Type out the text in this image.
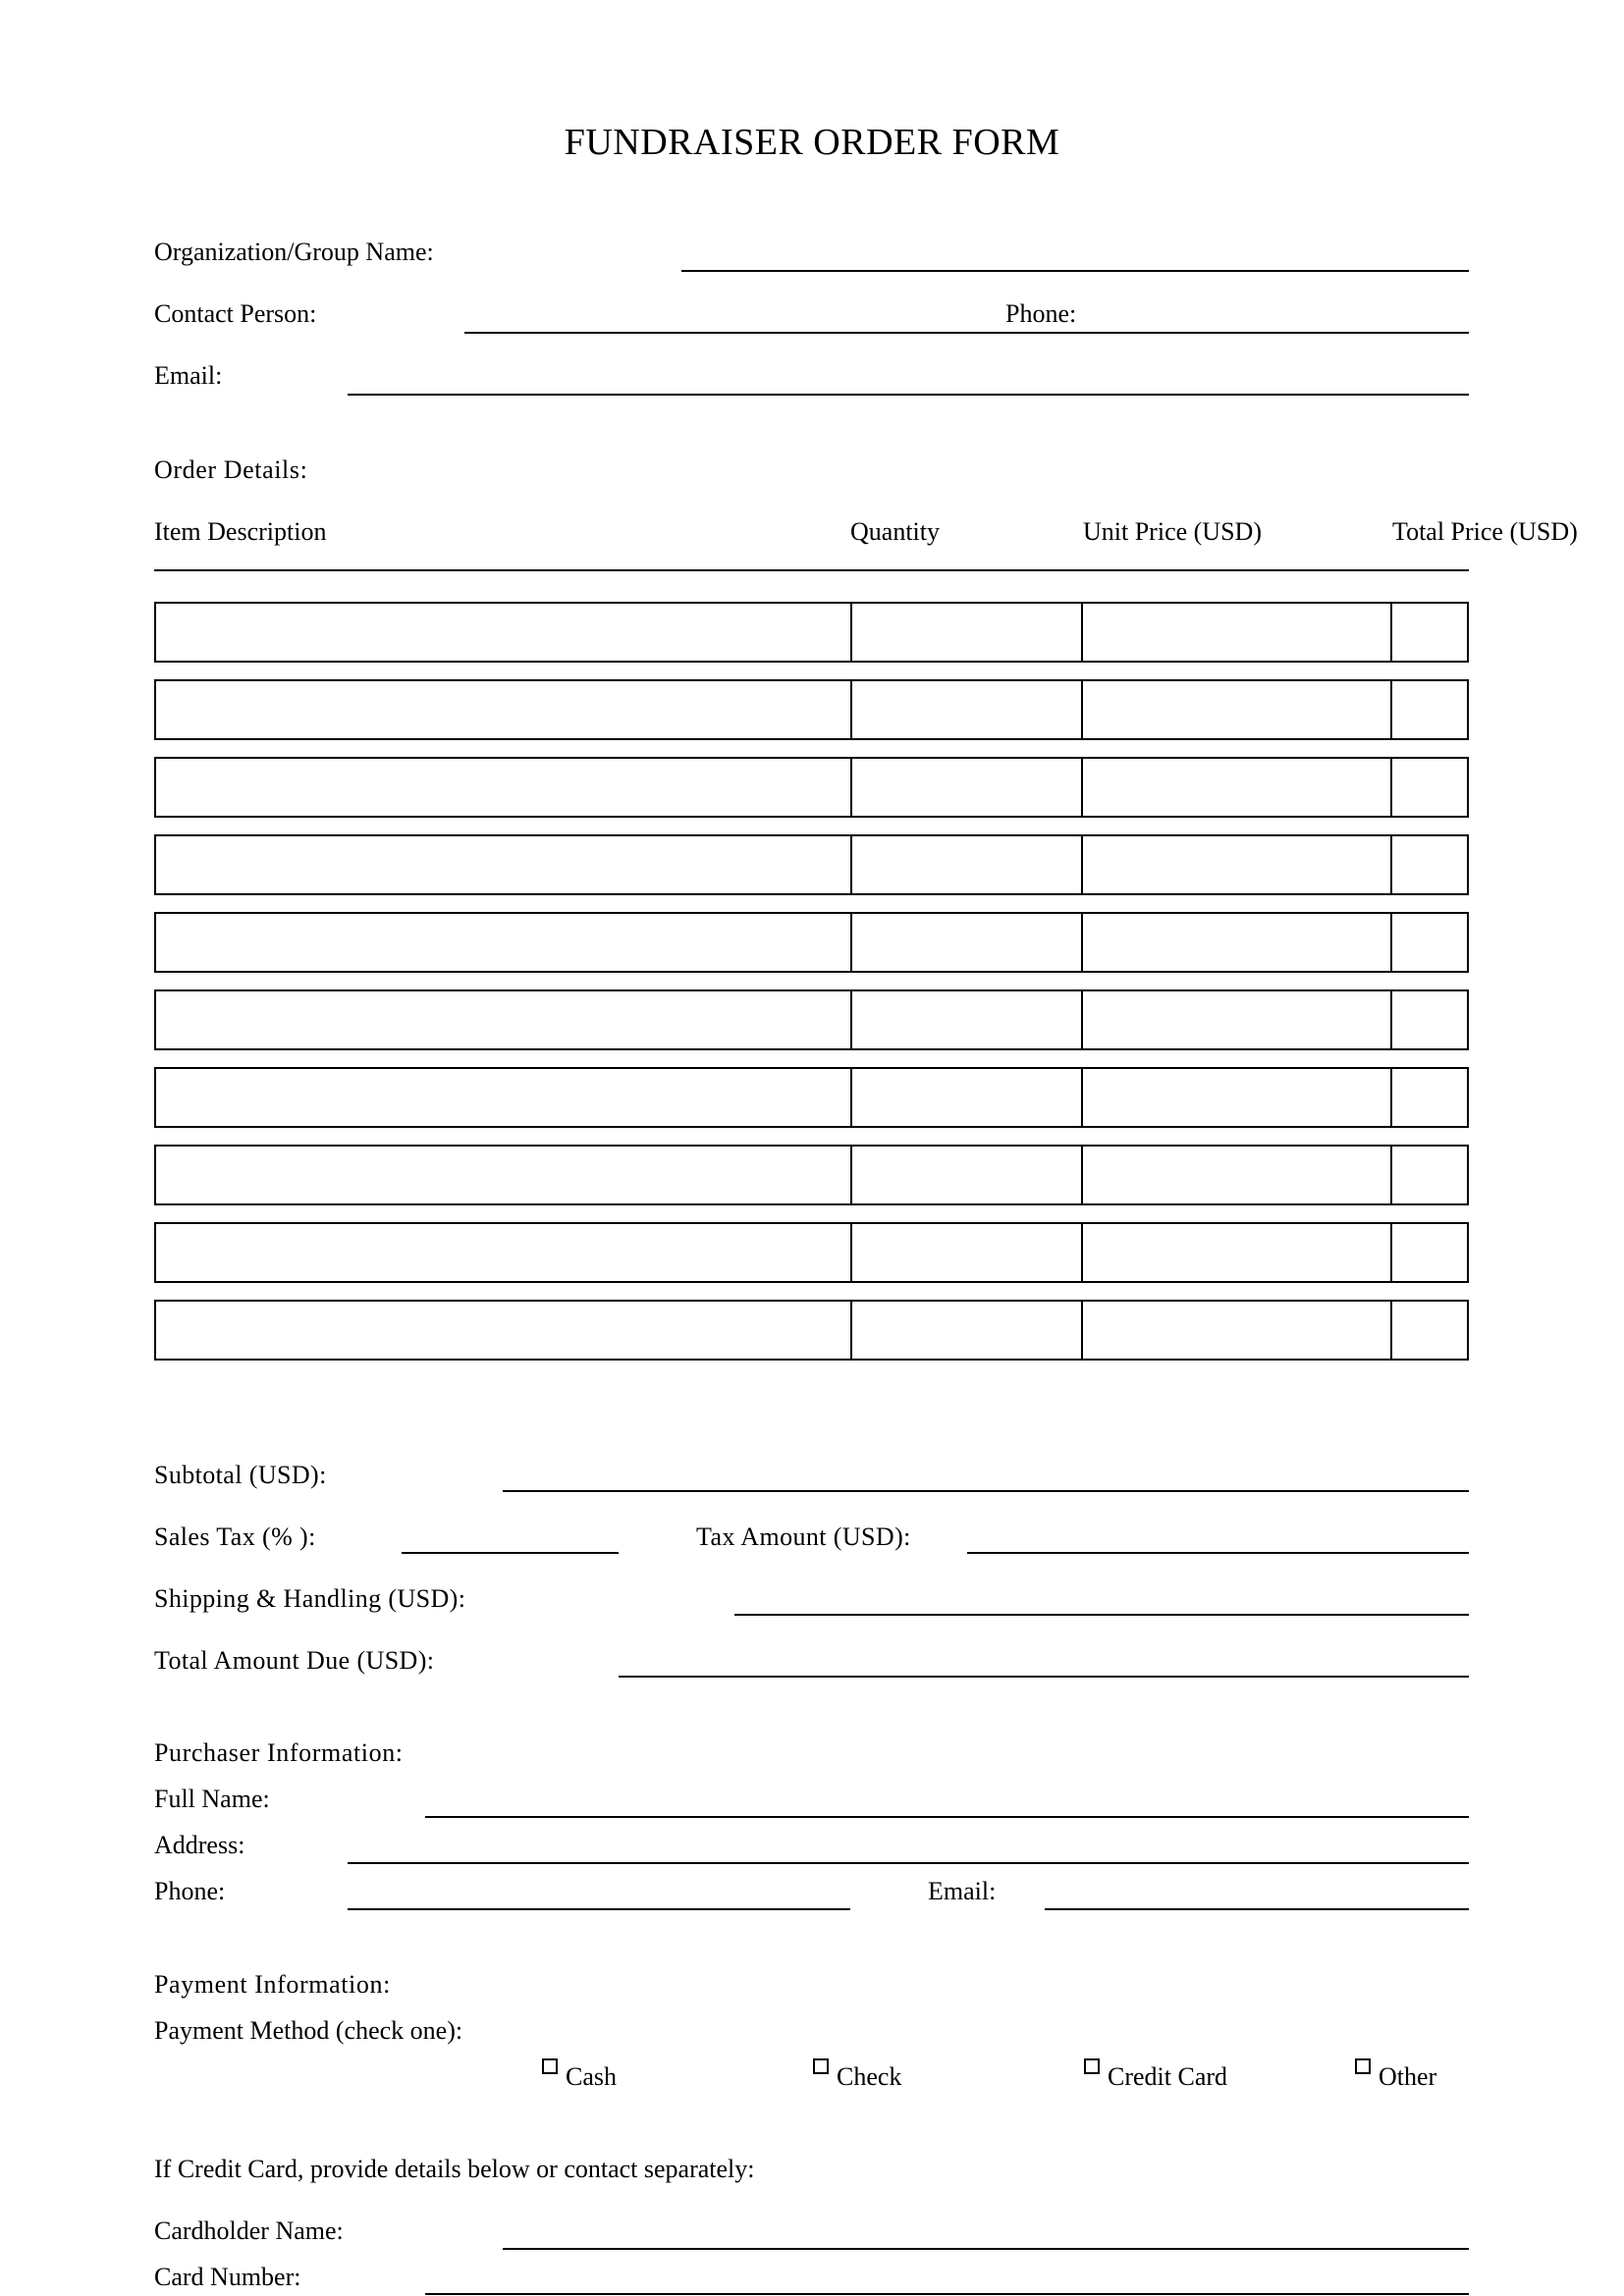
FUNDRAISER ORDER FORM
Organization/Group Name:
Contact Person:	Phone:
Email:
Order Details:
Item Description	Quantity	Unit Price (USD)	Total Price (USD)
Subtotal (USD):
Sales Tax (% ):	Tax Amount (USD):
Shipping & Handling (USD):
Total Amount Due (USD):
Purchaser Information:
Full Name:
Address:
Phone:	Email:
Payment Information:
Payment Method (check one):
Cash	Check	Credit Card	Other
If Credit Card, provide details below or contact separately:
Cardholder Name:
Card Number:
